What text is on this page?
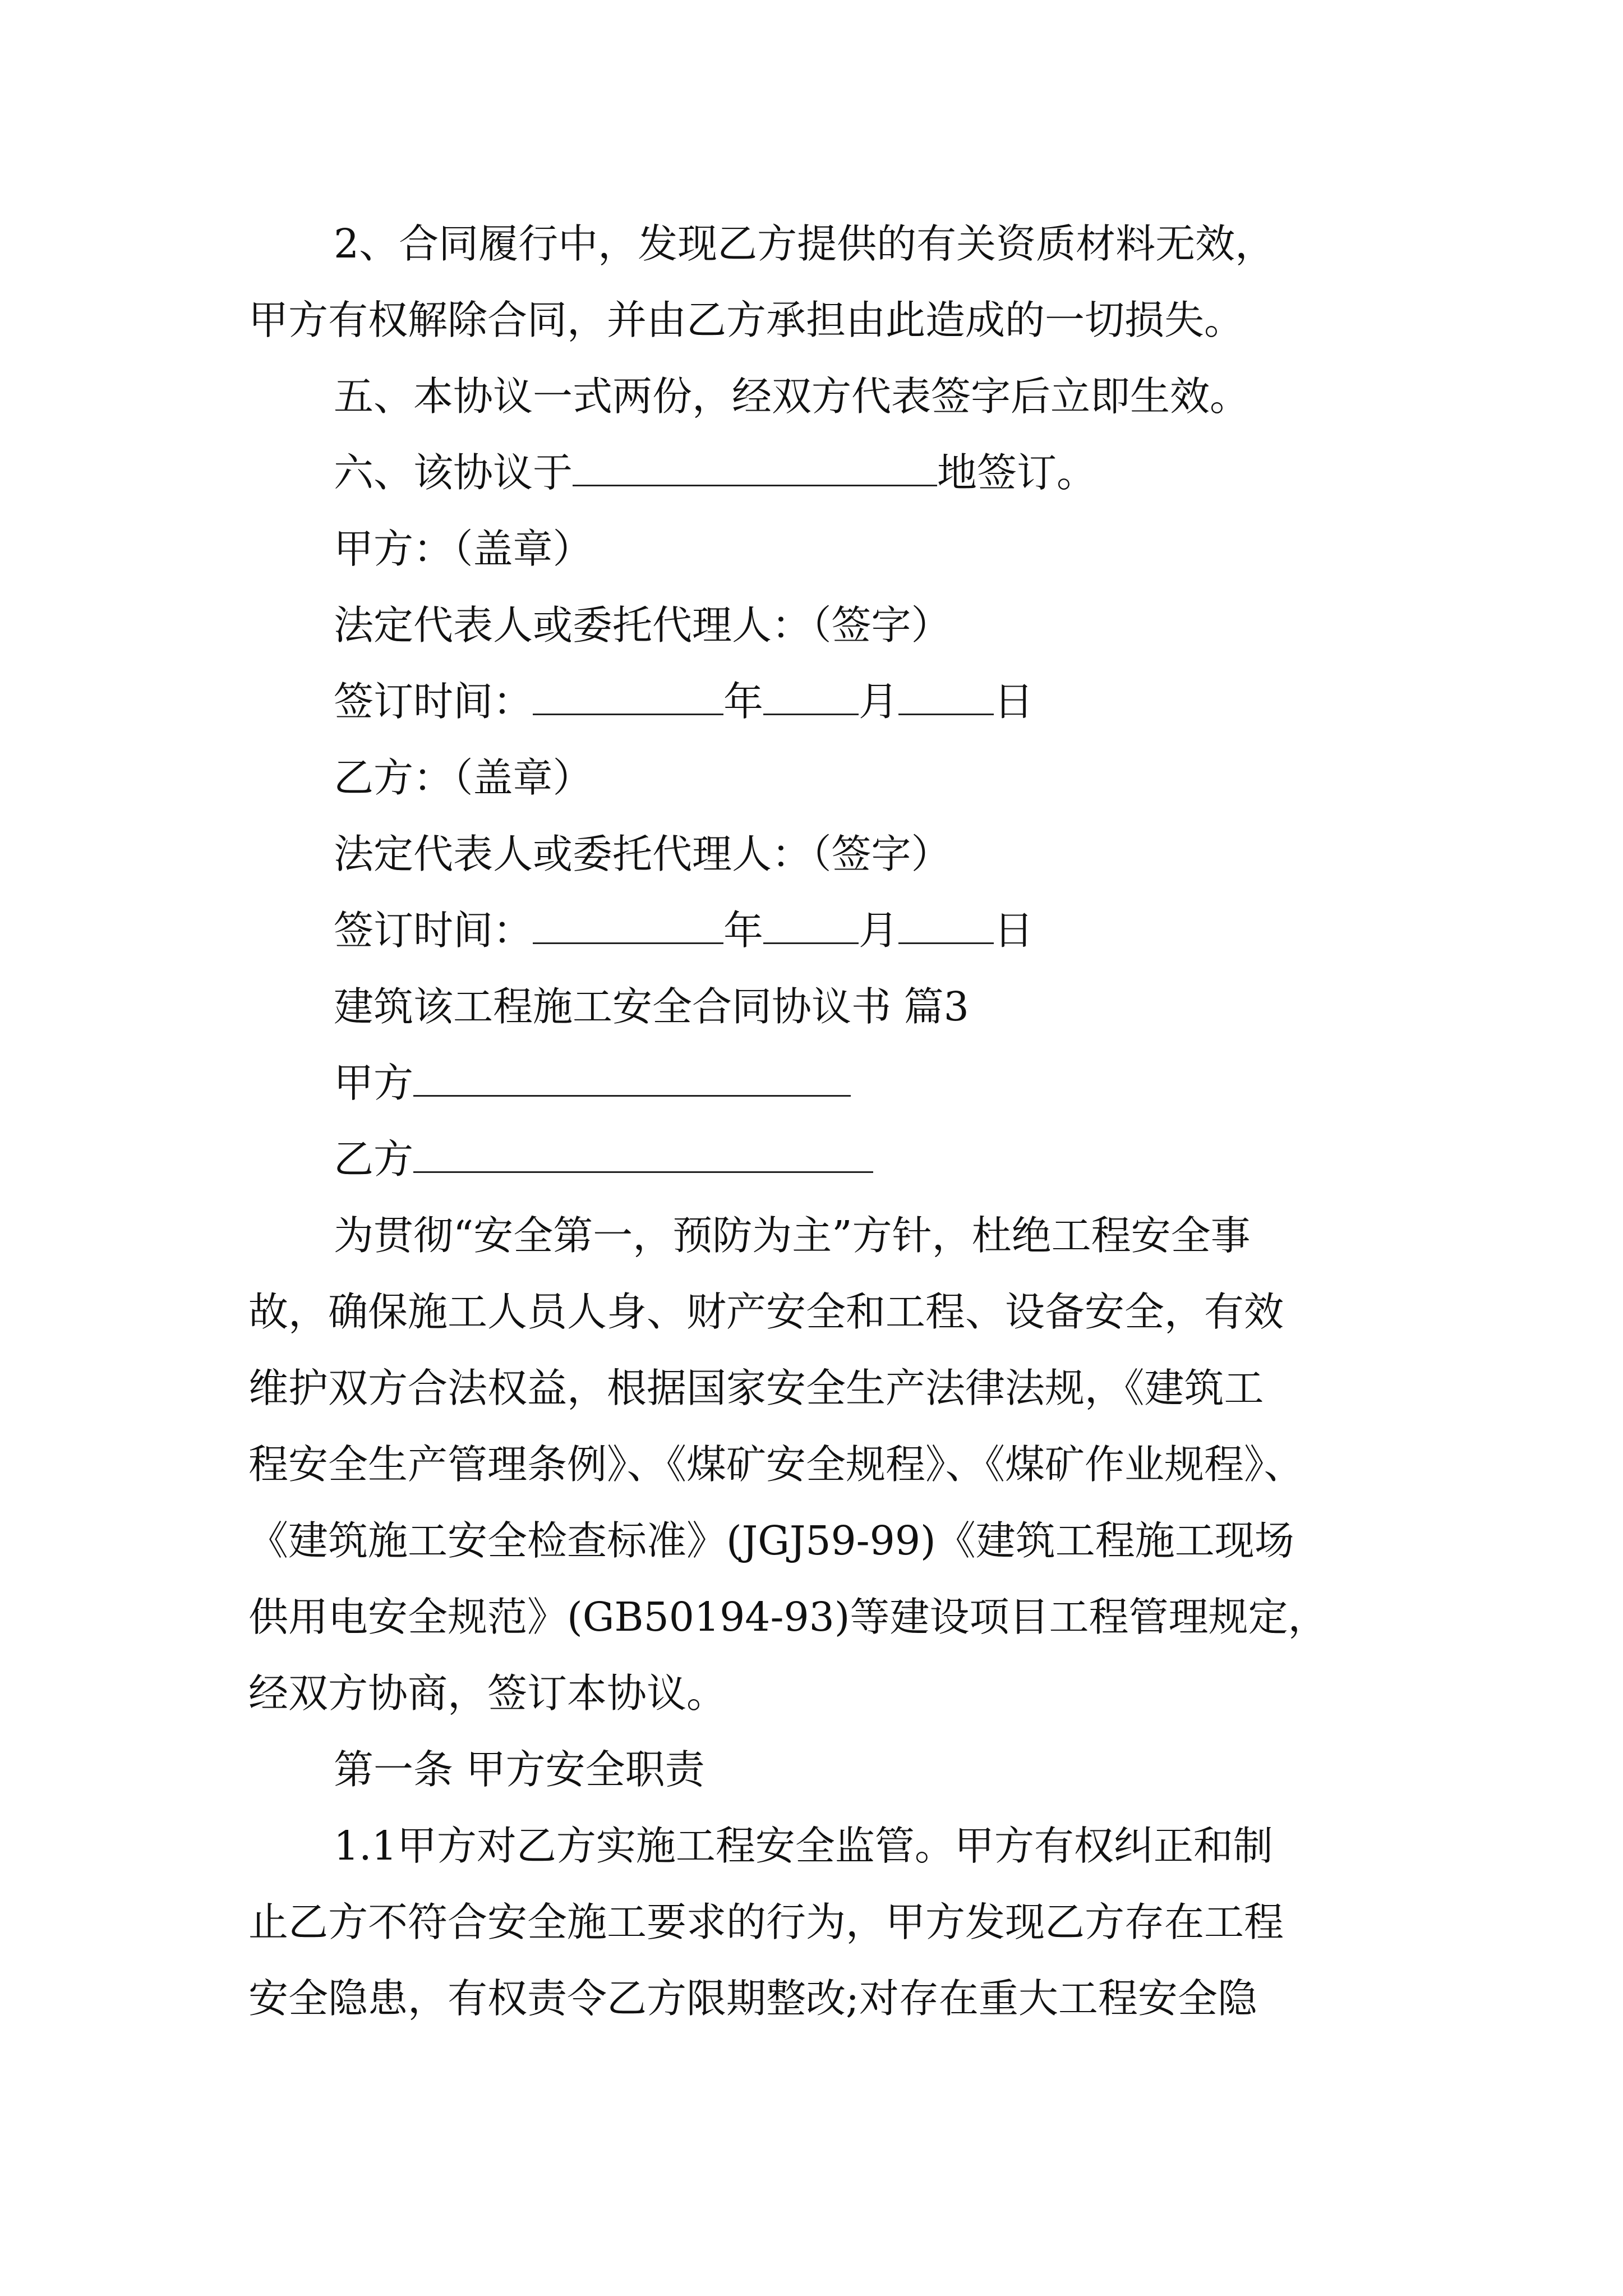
2、合同履行中，发现乙方提供的有关资质材料无效，
甲方有权解除合同，并由乙方承担由此造成的一切损失。
五、本协议一式两份，经双方代表签字后立即生效。
六、该协议于	地签订。
甲方：（盖章）
法定代表人或委托代理人：（签字）
签订时间：	年 月 日
乙方：（盖章）
法定代表人或委托代理人：（签字）
签订时间：	年 月 日
建筑该工程施工安全合同协议书 篇3
甲方
乙方
为贯彻“安全第一，预防为主”方针，杜绝工程安全事
故，确保施工人员人身、财产安全和工程、设备安全，有效
维护双方合法权益，根据国家安全生产法律法规，《建筑工
程安全生产管理条例》、《煤矿安全规程》、《煤矿作业规程》、
《建筑施工安全检查标准》(JGJ59-99)《建筑工程施工现场
供用电安全规范》(GB50194-93)等建设项目工程管理规定，
经双方协商，签订本协议。
第一条 甲方安全职责
1.1甲方对乙方实施工程安全监管。甲方有权纠正和制
止乙方不符合安全施工要求的行为，甲方发现乙方存在工程
安全隐患，有权责令乙方限期整改;对存在重大工程安全隐
